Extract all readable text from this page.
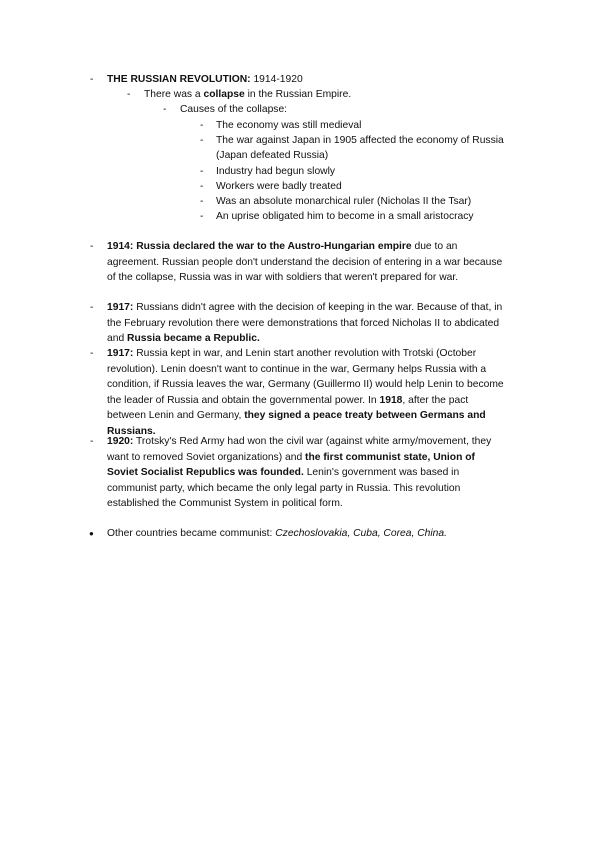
- THE RUSSIAN REVOLUTION: 1914-1920
- There was a collapse in the Russian Empire.
- Causes of the collapse:
- The economy was still medieval
- The war against Japan in 1905 affected the economy of Russia
(Japan defeated Russia)
- Industry had begun slowly
- Workers were badly treated
- Was an absolute monarchical ruler (Nicholas II the Tsar)
- An uprise obligated him to become in a small aristocracy
- 1914: Russia declared the war to the Austro-Hungarian empire due to an agreement. Russian people don't understand the decision of entering in a war because of the collapse, Russia was in war with soldiers that weren't prepared for war.
- 1917: Russians didn't agree with the decision of keeping in the war. Because of that, in the February revolution there were demonstrations that forced Nicholas II to abdicated and Russia became a Republic.
- 1917: Russia kept in war, and Lenin start another revolution with Trotski (October revolution). Lenin doesn't want to continue in the war, Germany helps Russia with a condition, if Russia leaves the war, Germany (Guillermo II) would help Lenin to become the leader of Russia and obtain the governmental power. In 1918, after the pact between Lenin and Germany, they signed a peace treaty between Germans and Russians.
- 1920: Trotsky's Red Army had won the civil war (against white army/movement, they want to removed Soviet organizations) and the first communist state, Union of Soviet Socialist Republics was founded. Lenin's government was based in communist party, which became the only legal party in Russia. This revolution established the Communist System in political form.
● Other countries became communist: Czechoslovakia, Cuba, Corea, China.
